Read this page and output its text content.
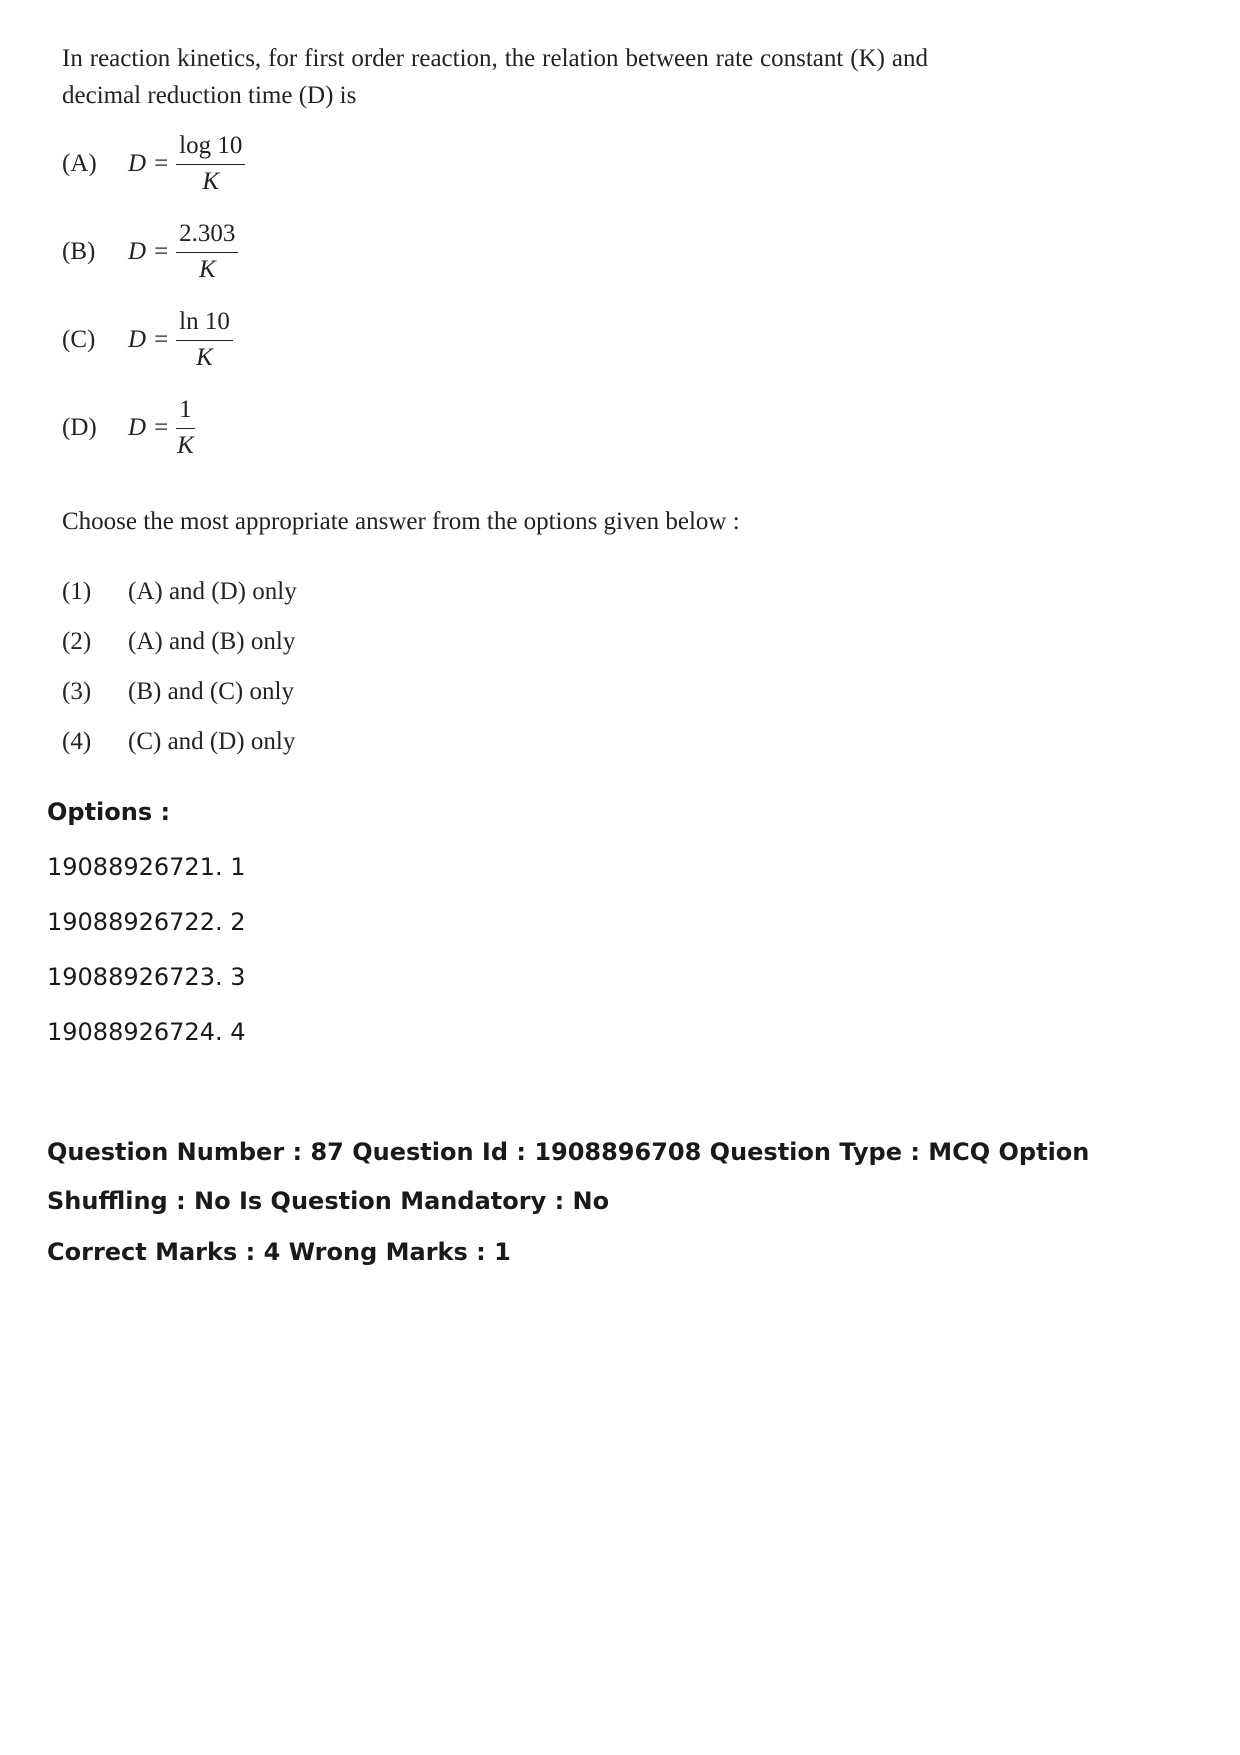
In reaction kinetics, for first order reaction, the relation between rate constant (K) and
decimal reduction time (D) is

(A)	$D = \frac{\log 10}{K}$
(B)	$D = \frac{2.303}{K}$
(C)	$D = \frac{\ln 10}{K}$
(D)	$D = \frac{1}{K}$

Choose the most appropriate answer from the options given below :

(1)	(A) and (D) only
(2)	(A) and (B) only
(3)	(B) and (C) only
(4)	(C) and (D) only

Options :

19088926721. 1

19088926722. 2

19088926723. 3

19088926724. 4

Question Number : 87 Question Id : 1908896708 Question Type : MCQ Option Shuffling : No Is Question Mandatory : No

Correct Marks : 4 Wrong Marks : 1
